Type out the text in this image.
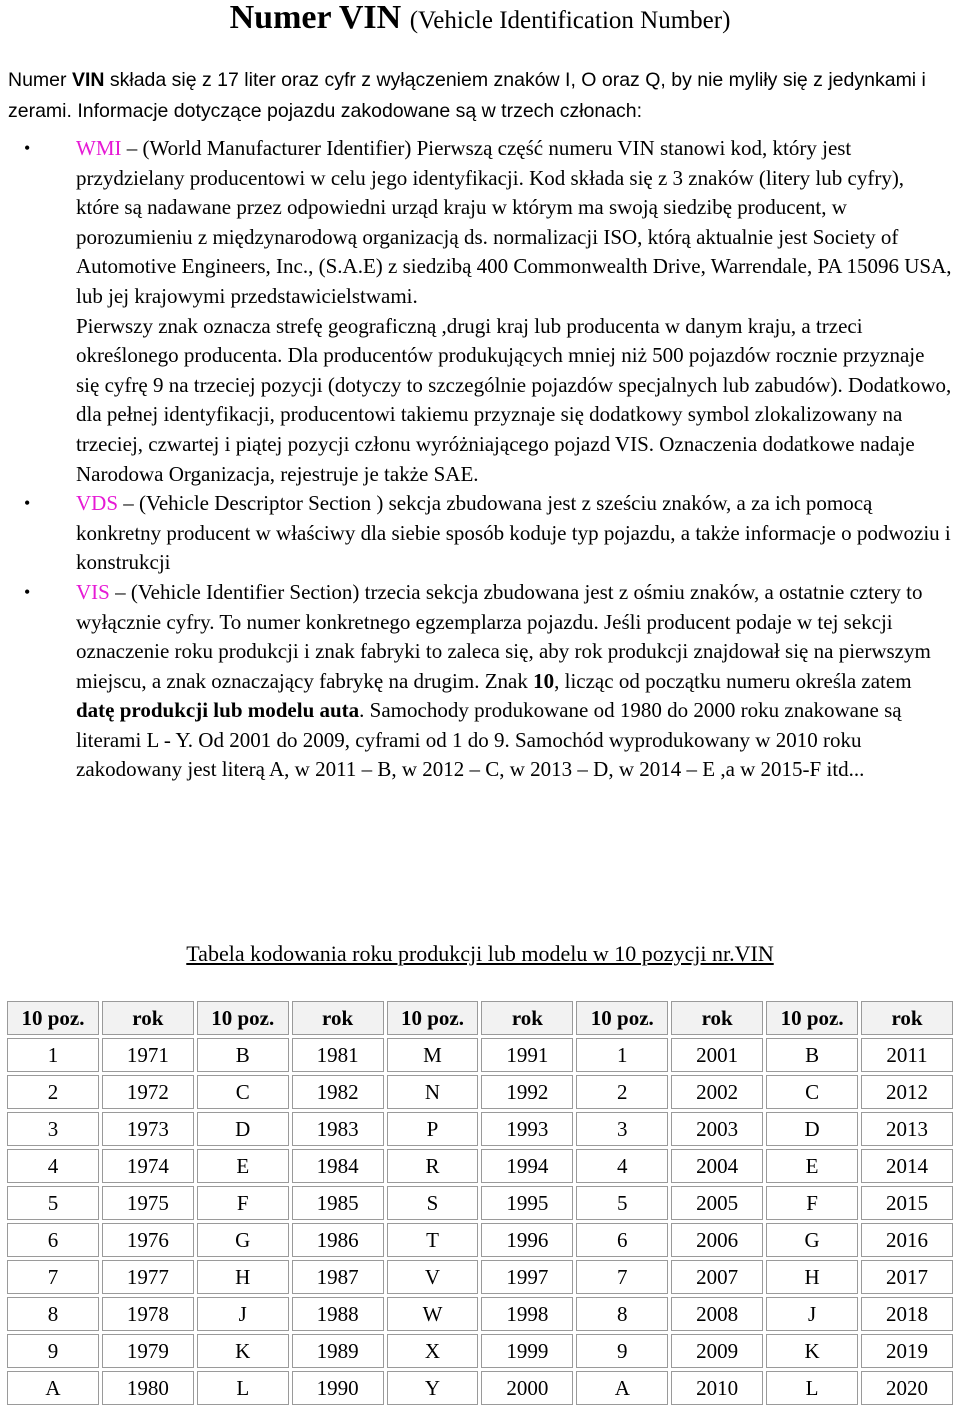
Numer VIN (Vehicle Identification Number)

Numer VIN składa się z 17 liter oraz cyfr z wyłączeniem znaków I, O oraz Q, by nie myliły się z jedynkami i zerami. Informacje dotyczące pojazdu zakodowane są w trzech członach:

• WMI – (World Manufacturer Identifier) Pierwszą część numeru VIN stanowi kod, który jest przydzielany producentowi w celu jego identyfikacji. Kod składa się z 3 znaków (litery lub cyfry), które są nadawane przez odpowiedni urząd kraju w którym ma swoją siedzibę producent, w porozumieniu z międzynarodową organizacją ds. normalizacji ISO, którą aktualnie jest Society of Automotive Engineers, Inc., (S.A.E) z siedzibą 400 Commonwealth Drive, Warrendale, PA 15096 USA, lub jej krajowymi przedstawicielstwami.
Pierwszy znak oznacza strefę geograficzną ,drugi kraj lub producenta w danym kraju, a trzeci określonego producenta. Dla producentów produkujących mniej niż 500 pojazdów rocznie przyznaje się cyfrę 9 na trzeciej pozycji (dotyczy to szczególnie pojazdów specjalnych lub zabudów). Dodatkowo, dla pełnej identyfikacji, producentowi takiemu przyznaje się dodatkowy symbol zlokalizowany na trzeciej, czwartej i piątej pozycji członu wyróżniającego pojazd VIS. Oznaczenia dodatkowe nadaje Narodowa Organizacja, rejestruje je także SAE.
• VDS – (Vehicle Descriptor Section ) sekcja zbudowana jest z sześciu znaków, a za ich pomocą konkretny producent w właściwy dla siebie sposób koduje typ pojazdu, a także informacje o podwoziu i konstrukcji
• VIS – (Vehicle Identifier Section) trzecia sekcja zbudowana jest z ośmiu znaków, a ostatnie cztery to wyłącznie cyfry. To numer konkretnego egzemplarza pojazdu. Jeśli producent podaje w tej sekcji oznaczenie roku produkcji i znak fabryki to zaleca się, aby rok produkcji znajdował się na pierwszym miejscu, a znak oznaczający fabrykę na drugim. Znak 10, licząc od początku numeru określa zatem datę produkcji lub modelu auta. Samochody produkowane od 1980 do 2000 roku znakowane są literami L - Y. Od 2001 do 2009, cyframi od 1 do 9. Samochód wyprodukowany w 2010 roku zakodowany jest literą A, w 2011 – B, w 2012 – C, w 2013 – D, w 2014 – E ,a w 2015-F itd...

Tabela kodowania roku produkcji lub modelu w 10 pozycji nr.VIN

10 poz.	rok	10 poz.	rok	10 poz.	rok	10 poz.	rok	10 poz.	rok
1	1971	B	1981	M	1991	1	2001	B	2011
2	1972	C	1982	N	1992	2	2002	C	2012
3	1973	D	1983	P	1993	3	2003	D	2013
4	1974	E	1984	R	1994	4	2004	E	2014
5	1975	F	1985	S	1995	5	2005	F	2015
6	1976	G	1986	T	1996	6	2006	G	2016
7	1977	H	1987	V	1997	7	2007	H	2017
8	1978	J	1988	W	1998	8	2008	J	2018
9	1979	K	1989	X	1999	9	2009	K	2019
A	1980	L	1990	Y	2000	A	2010	L	2020
